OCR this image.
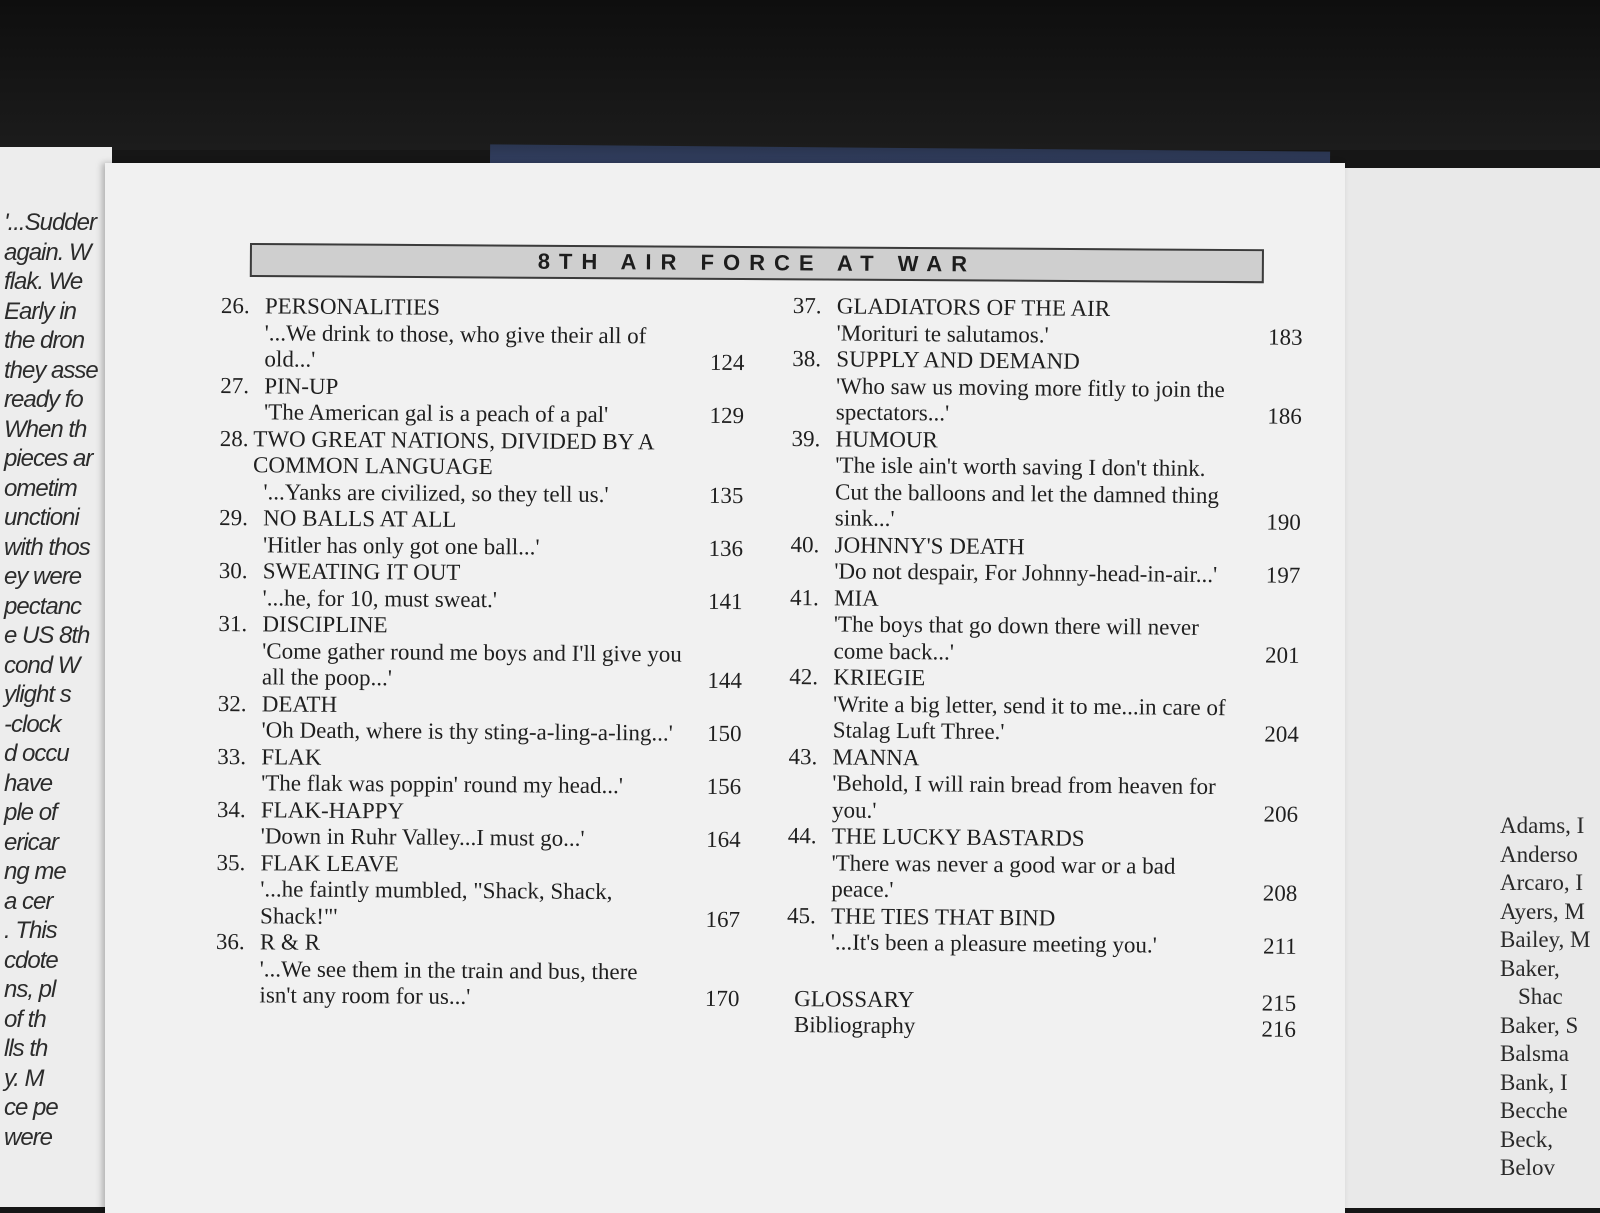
'...Sudder
again. W
flak. We
Early in
the dron
they asse
ready fo
When th
pieces ar
ometim
unctioni
with thos
ey were
pectanc
e US 8th
cond W
ylight s
-clock
d occu
have
ple of
ericar
ng me
a cer
. This
cdote
ns, pl
of th
lls th
y. M
ce pe
were
Adams, I
Anderso
Arcaro, I
Ayers, M
Bailey, M
Baker,
Shac
Baker, S
Balsma
Bank, I
Becche
Beck,
Belov
8TH AIR FORCE AT WAR
26. PERSONALITIES
'...We drink to those, who give their all of old...'	124
27. PIN-UP
'The American gal is a peach of a pal'	129
28. TWO GREAT NATIONS, DIVIDED BY A COMMON LANGUAGE
'...Yanks are civilized, so they tell us.'	135
29. NO BALLS AT ALL
'Hitler has only got one ball...'	136
30. SWEATING IT OUT
'...he, for 10, must sweat.'	141
31. DISCIPLINE
'Come gather round me boys and I'll give you all the poop...'	144
32. DEATH
'Oh Death, where is thy sting-a-ling-a-ling...'	150
33. FLAK
'The flak was poppin' round my head...'	156
34. FLAK-HAPPY
'Down in Ruhr Valley...I must go...'	164
35. FLAK LEAVE
'...he faintly mumbled, "Shack, Shack, Shack!"'	167
36. R & R
'...We see them in the train and bus, there isn't any room for us...'	170
37. GLADIATORS OF THE AIR
'Morituri te salutamos.'	183
38. SUPPLY AND DEMAND
'Who saw us moving more fitly to join the spectators...'	186
39. HUMOUR
'The isle ain't worth saving I don't think. Cut the balloons and let the damned thing sink...'	190
40. JOHNNY'S DEATH
'Do not despair, For Johnny-head-in-air...'	197
41. MIA
'The boys that go down there will never come back...'	201
42. KRIEGIE
'Write a big letter, send it to me...in care of Stalag Luft Three.'	204
43. MANNA
'Behold, I will rain bread from heaven for you.'	206
44. THE LUCKY BASTARDS
'There was never a good war or a bad peace.'	208
45. THE TIES THAT BIND
'...It's been a pleasure meeting you.'	211
GLOSSARY	215
Bibliography	216
